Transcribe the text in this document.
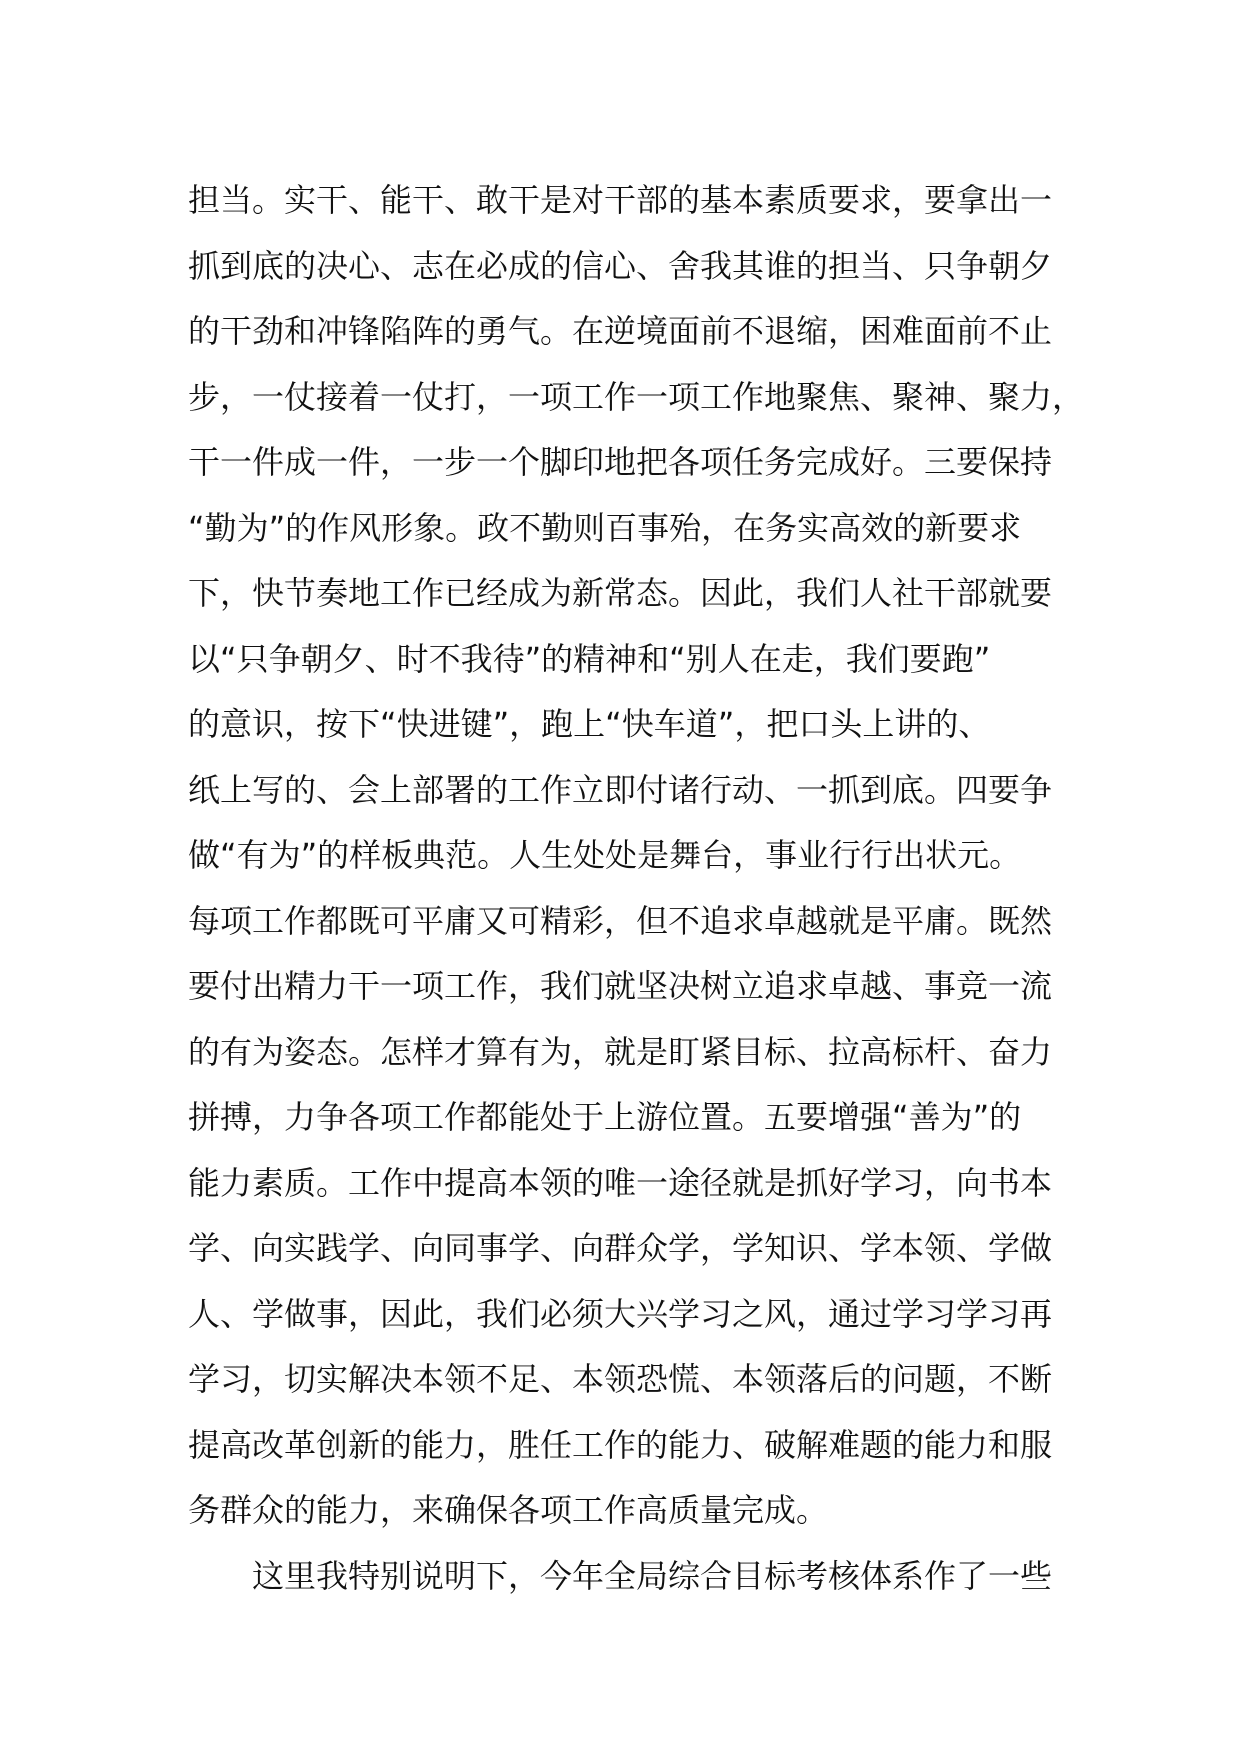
担当。实干、能干、敢干是对干部的基本素质要求，要拿出一
抓到底的决心、志在必成的信心、舍我其谁的担当、只争朝夕
的干劲和冲锋陷阵的勇气。在逆境面前不退缩，困难面前不止
步，一仗接着一仗打，一项工作一项工作地聚焦、聚神、聚力，
干一件成一件，一步一个脚印地把各项任务完成好。三要保持
“勤为”的作风形象。政不勤则百事殆，在务实高效的新要求
下，快节奏地工作已经成为新常态。因此，我们人社干部就要
以“只争朝夕、时不我待”的精神和“别人在走，我们要跑”
的意识，按下“快进键”，跑上“快车道”，把口头上讲的、
纸上写的、会上部署的工作立即付诸行动、一抓到底。四要争
做“有为”的样板典范。人生处处是舞台，事业行行出状元。
每项工作都既可平庸又可精彩，但不追求卓越就是平庸。既然
要付出精力干一项工作，我们就坚决树立追求卓越、事竞一流
的有为姿态。怎样才算有为，就是盯紧目标、拉高标杆、奋力
拼搏，力争各项工作都能处于上游位置。五要增强“善为”的
能力素质。工作中提高本领的唯一途径就是抓好学习，向书本
学、向实践学、向同事学、向群众学，学知识、学本领、学做
人、学做事，因此，我们必须大兴学习之风，通过学习学习再
学习，切实解决本领不足、本领恐慌、本领落后的问题，不断
提高改革创新的能力，胜任工作的能力、破解难题的能力和服
务群众的能力，来确保各项工作高质量完成。
这里我特别说明下，今年全局综合目标考核体系作了一些
